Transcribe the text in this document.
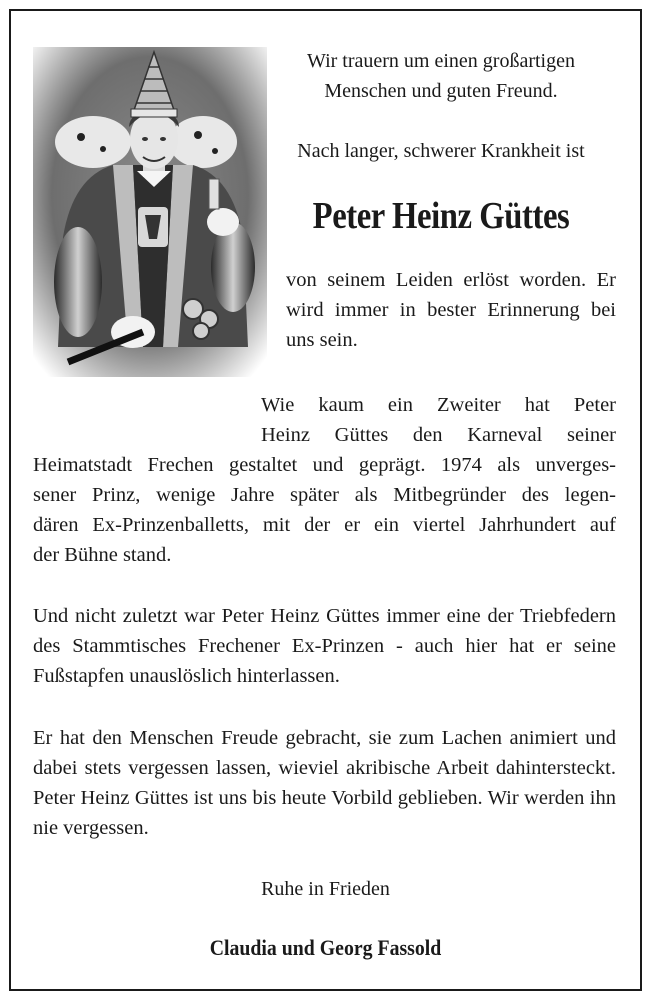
Wir trauern um einen großartigen
Menschen und guten Freund.

Nach langer, schwerer Krankheit ist

Peter Heinz Güttes

von seinem Leiden erlöst worden. Er wird immer in bester Erinnerung bei uns sein.

Wie kaum ein Zweiter hat Peter
Heinz Güttes den Karneval seiner
Heimatstadt Frechen gestaltet und geprägt. 1974 als unverges-
sener Prinz, wenige Jahre später als Mitbegründer des legen-
dären Ex-Prinzenballetts, mit der er ein viertel Jahrhundert auf
der Bühne stand.

Und nicht zuletzt war Peter Heinz Güttes immer eine der Triebfedern des Stammtisches Frechener Ex-Prinzen - auch hier hat er seine Fußstapfen unauslöslich hinterlassen.

Er hat den Menschen Freude gebracht, sie zum Lachen animiert und dabei stets vergessen lassen, wieviel akribische Arbeit dahintersteckt. Peter Heinz Güttes ist uns bis heute Vorbild geblieben. Wir werden ihn nie vergessen.

Ruhe in Frieden

Claudia und Georg Fassold
